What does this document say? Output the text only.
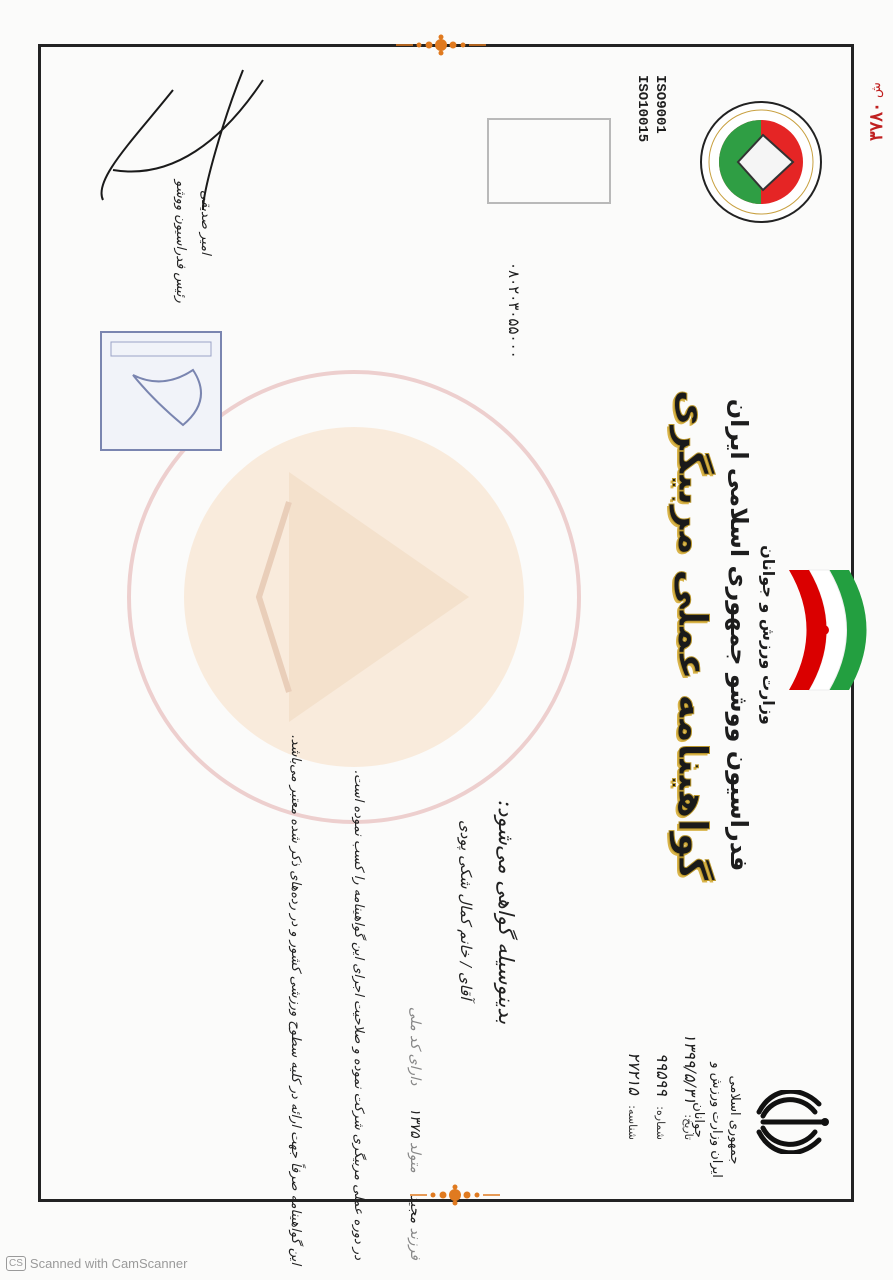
ش ۳۷۸۰
CS Scanned with CamScanner
جمهوری اسلامی ایران وزارت ورزش و جوانان
وزارت ورزش و جوانان
فدراسیون ووشو جمهوری اسلامی ایران
گواهینامه عملی مربیگری
ISO9001
ISO10015
تاریخ: ۱۳۹۹/۵/۳۱
شماره: ۹۹۵۹۹
شناسه: ۲۷۲۱۵
بدینوسیله گواهی می‌شود:
آقای / خانم کمال شکی پودی
فرزند مجید     متولد ۱۳۷۵     دارای کد ملی
در دوره عملی مربیگری شرکت نموده و صلاحیت اجرای این گواهینامه را کسب نموده است.
این گواهینامه صرفاً جهت ارائه در کلیه سطوح ورزشی کشور و در رده‌های ذکر شده معتبر می‌باشد.
۰۸۰۲۰۳۰۵۵۰۰۰
امیر صدیقی
رئیس فدراسیون ووشو
